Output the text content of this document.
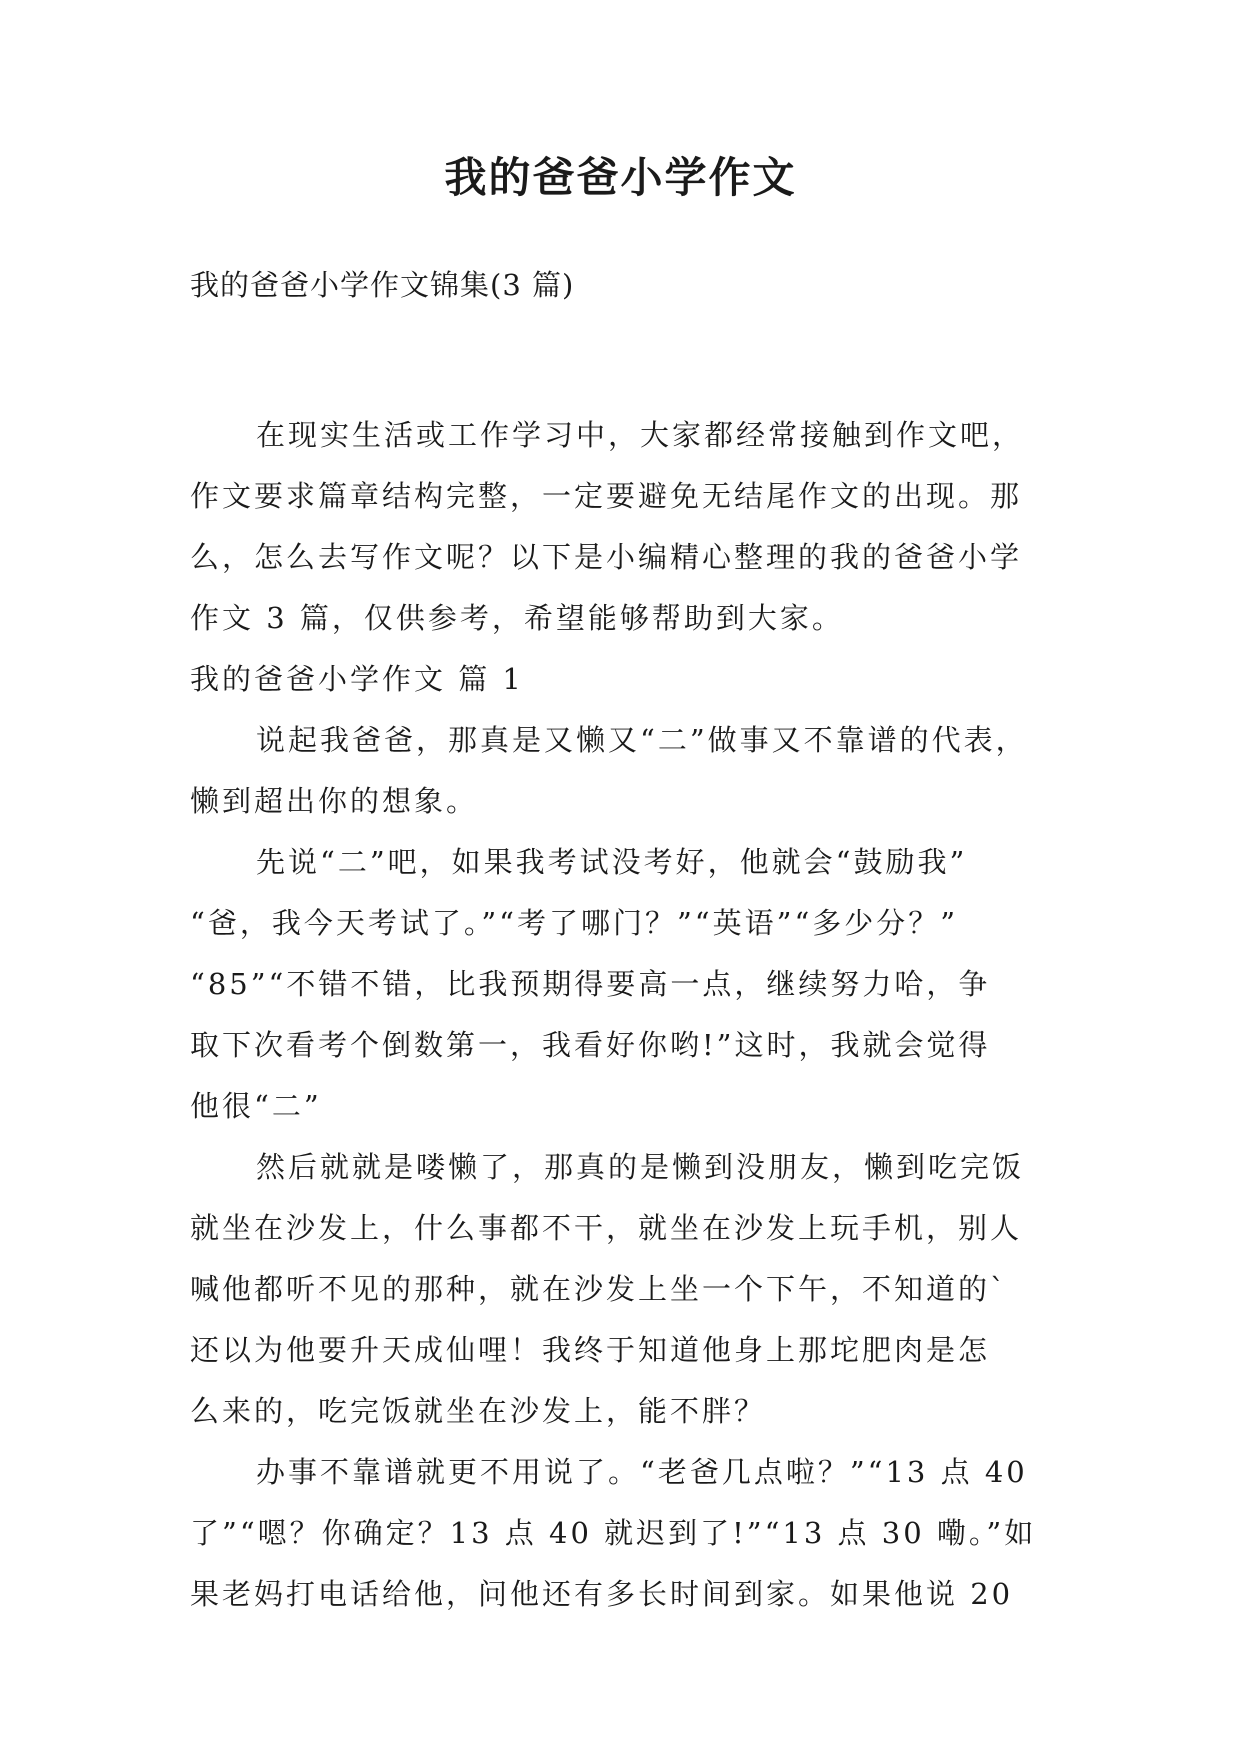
我的爸爸小学作文
我的爸爸小学作文锦集(3 篇)

在现实生活或工作学习中，大家都经常接触到作文吧，
作文要求篇章结构完整，一定要避免无结尾作文的出现。那
么，怎么去写作文呢？以下是小编精心整理的我的爸爸小学
作文 3 篇，仅供参考，希望能够帮助到大家。

我的爸爸小学作文 篇 1

说起我爸爸，那真是又懒又“二”做事又不靠谱的代表，
懒到超出你的想象。

先说“二”吧，如果我考试没考好，他就会“鼓励我”
“爸，我今天考试了。”“考了哪门？”“英语”“多少分？”
“85”“不错不错，比我预期得要高一点，继续努力哈，争
取下次看考个倒数第一，我看好你哟!”这时，我就会觉得
他很“二”

然后就就是喽懒了，那真的是懒到没朋友，懒到吃完饭
就坐在沙发上，什么事都不干，就坐在沙发上玩手机，别人
喊他都听不见的那种，就在沙发上坐一个下午，不知道的`
还以为他要升天成仙哩！我终于知道他身上那坨肥肉是怎
么来的，吃完饭就坐在沙发上，能不胖？

办事不靠谱就更不用说了。“老爸几点啦？”“13 点 40
了”“嗯？你确定？13 点 40 就迟到了!”“13 点 30 嘞。”如
果老妈打电话给他，问他还有多长时间到家。如果他说 20
